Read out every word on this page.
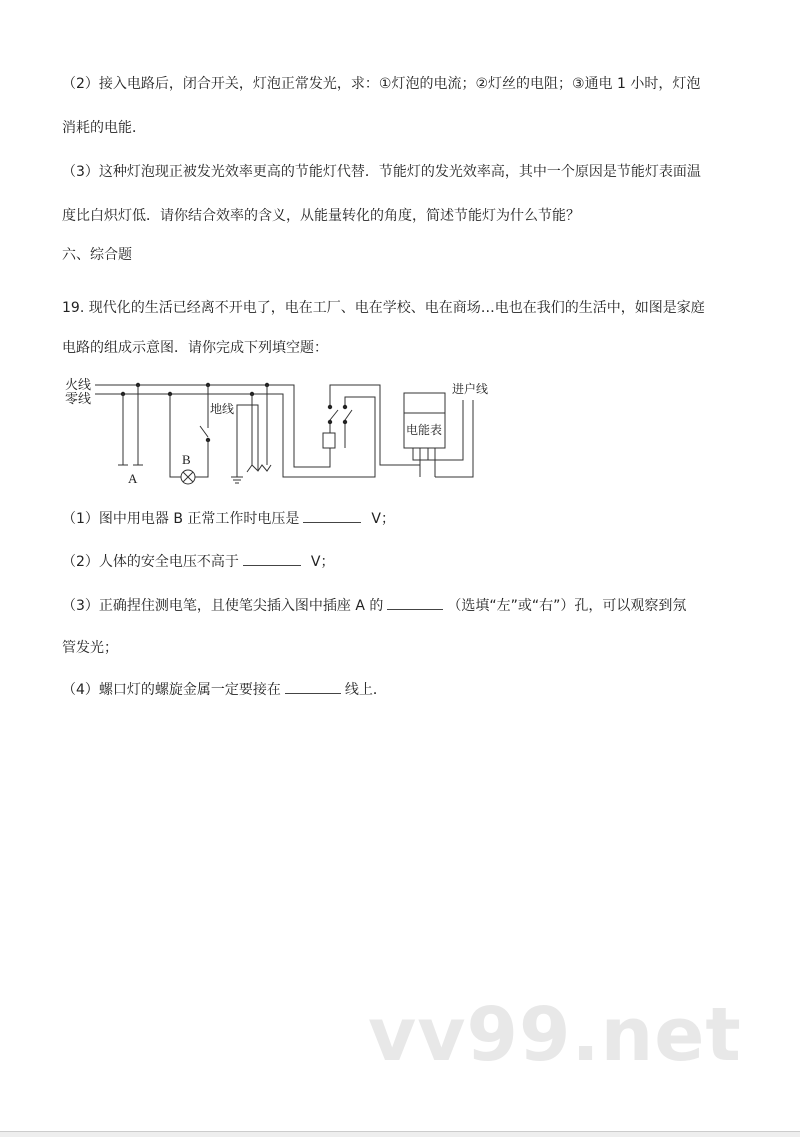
（2）接入电路后，闭合开关，灯泡正常发光，求：①灯泡的电流；②灯丝的电阻；③通电 1 小时，灯泡
消耗的电能．
（3）这种灯泡现正被发光效率更高的节能灯代替．节能灯的发光效率高，其中一个原因是节能灯表面温
度比白炽灯低．请你结合效率的含义，从能量转化的角度，简述节能灯为什么节能？
六、综合题
19. 现代化的生活已经离不开电了，电在工厂、电在学校、电在商场…电也在我们的生活中，如图是家庭
电路的组成示意图．请你完成下列填空题：
火线
零线
电能表
进户线
A
B
地线
（1）图中用电器 B 正常工作时电压是	V；
（2）人体的安全电压不高于	V；
（3）正确捏住测电笔，且使笔尖插入图中插座 A 的	（选填“左”或“右”）孔，可以观察到氖
管发光；
（4）螺口灯的螺旋金属一定要接在	线上．
vv99.net
